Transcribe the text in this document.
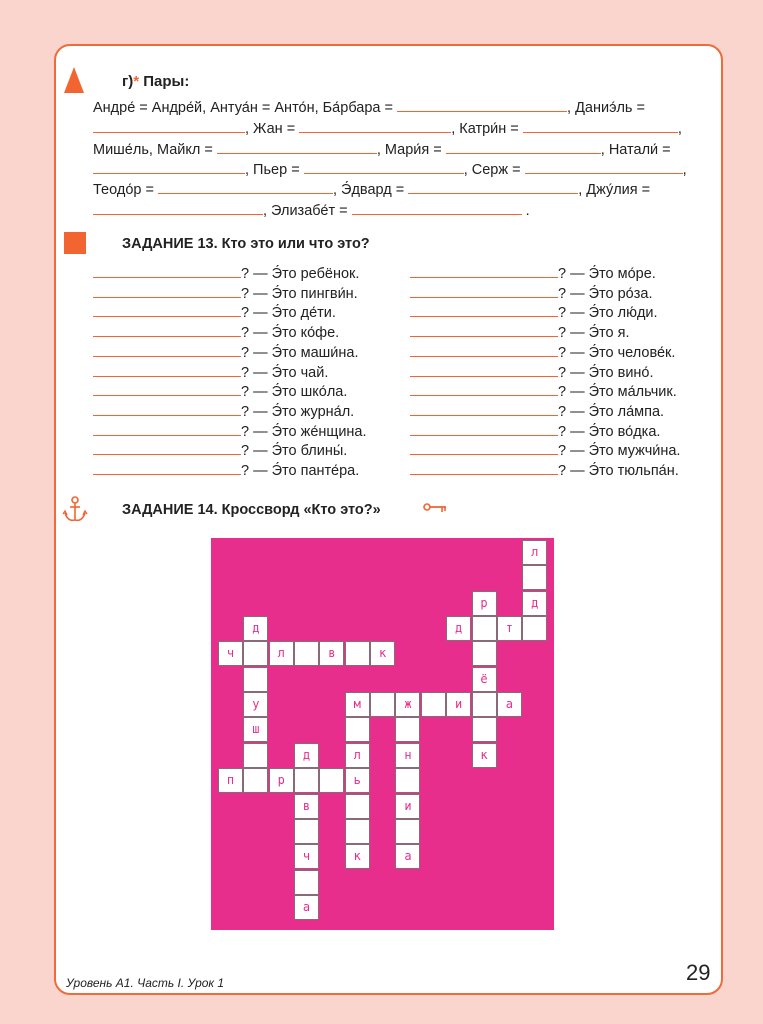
г)* Пары:
Андре́ = Андре́й, Антуа́н = Анто́н, Ба́рбара =	, Даниэ́ль =
, Жан =	, Катри́н =	,
Мише́ль, Майкл =	, Мари́я =	, Натали́ =
, Пьер =	, Серж =	,
Теодо́р =	, Э́двард =	, Джу́лия =
, Элизабе́т =	.
ЗАДАНИЕ 13. Кто это или что это?
? — Э́то ребёнок.
? — Э́то пингви́н.
? — Э́то де́ти.
? — Э́то ко́фе.
? — Э́то маши́на.
? — Э́то чай.
? — Э́то шко́ла.
? — Э́то журна́л.
? — Э́то же́нщина.
? — Э́то блины́.
? — Э́то панте́ра.
? — Э́то мо́ре.
? — Э́то ро́за.
? — Э́то лю́ди.
? — Э́то я.
? — Э́то челове́к.
? — Э́то вино́.
? — Э́то ма́льчик.
? — Э́то ла́мпа.
? — Э́то во́дка.
? — Э́то мужчи́на.
? — Э́то тюльпа́н.
ЗАДАНИЕ 14. Кроссворд «Кто это?»
л
д
р
д	т
ё
к
д
ч	л	в	к
у
ш
м	ж	и	а
л
ь
к
н
и
а
д
п	р
в
ч
а
Уровень А1. Часть I. Урок 1	29
